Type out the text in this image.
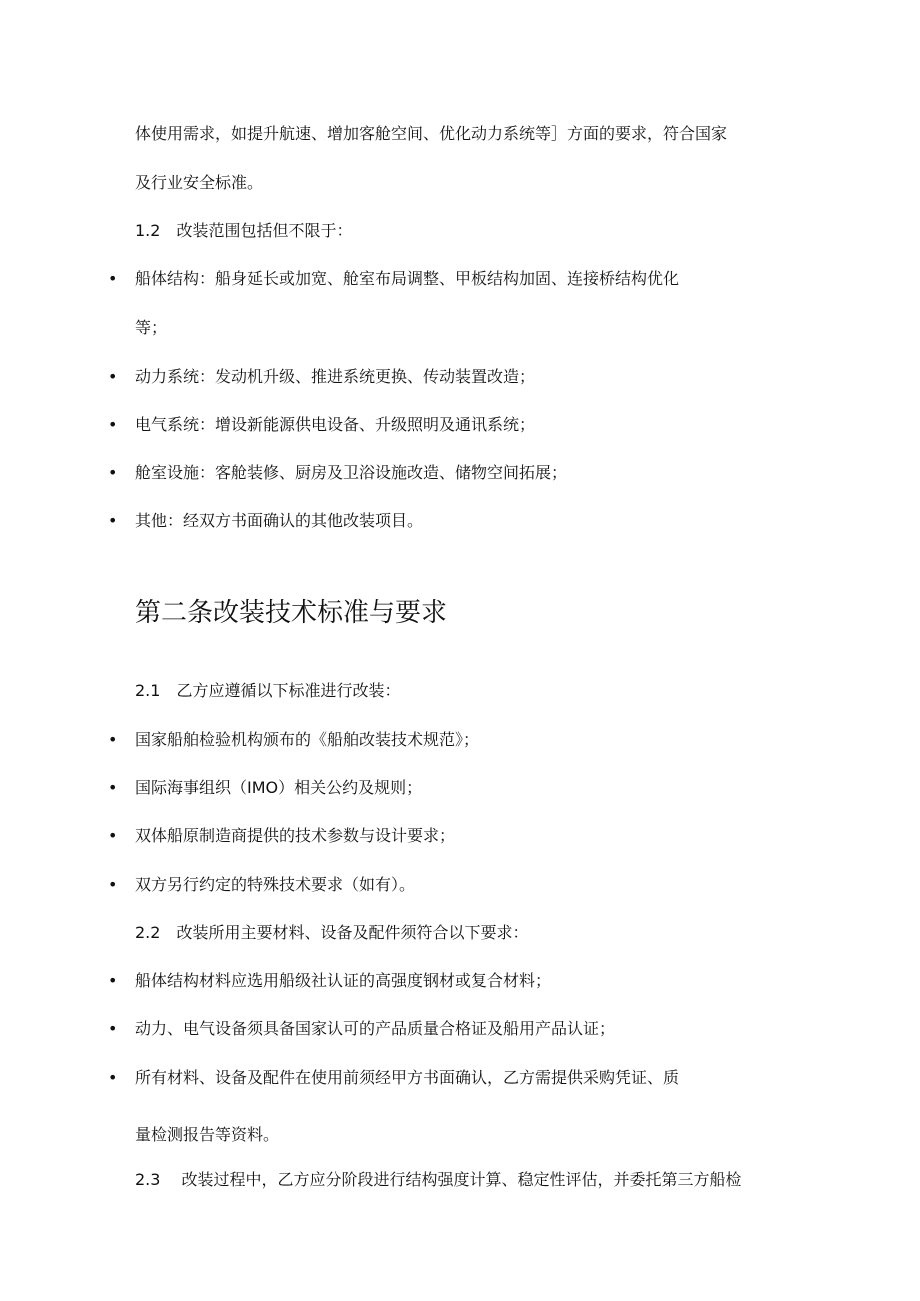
体使用需求，如提升航速、增加客舱空间、优化动力系统等］方面的要求，符合国家
及行业安全标准。
1.2　改装范围包括但不限于：
• 船体结构：船身延长或加宽、舱室布局调整、甲板结构加固、连接桥结构优化
等；
• 动力系统：发动机升级、推进系统更换、传动装置改造；
• 电气系统：增设新能源供电设备、升级照明及通讯系统；
• 舱室设施：客舱装修、厨房及卫浴设施改造、储物空间拓展；
• 其他：经双方书面确认的其他改装项目。
第二条改装技术标准与要求
2.1　乙方应遵循以下标准进行改装：
• 国家船舶检验机构颁布的《船舶改装技术规范》；
• 国际海事组织（IMO）相关公约及规则；
• 双体船原制造商提供的技术参数与设计要求；
• 双方另行约定的特殊技术要求（如有）。
2.2　改装所用主要材料、设备及配件须符合以下要求：
• 船体结构材料应选用船级社认证的高强度钢材或复合材料；
• 动力、电气设备须具备国家认可的产品质量合格证及船用产品认证；
• 所有材料、设备及配件在使用前须经甲方书面确认，乙方需提供采购凭证、质
量检测报告等资料。
2.3　 改装过程中，乙方应分阶段进行结构强度计算、稳定性评估，并委托第三方船检
